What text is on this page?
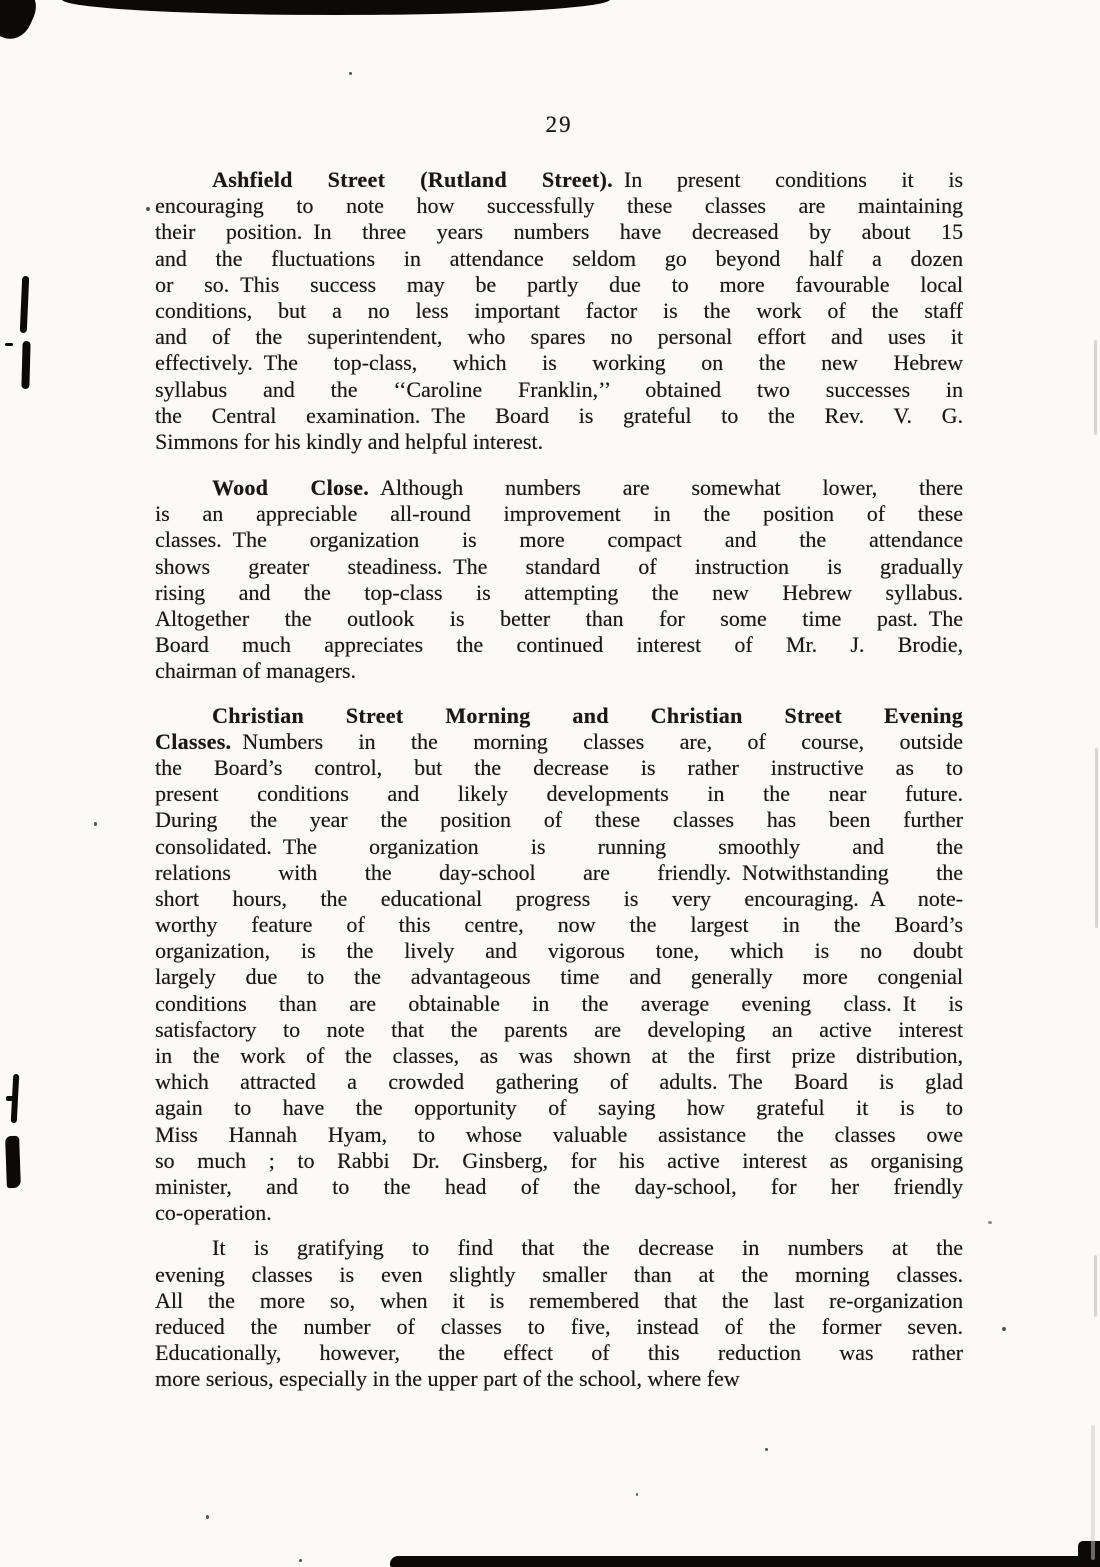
29
Ashfield Street (Rutland Street). In present conditions it is
encouraging to note how successfully these classes are maintaining
their position. In three years numbers have decreased by about 15
and the fluctuations in attendance seldom go beyond half a dozen
or so. This success may be partly due to more favourable local
conditions, but a no less important factor is the work of the staff
and of the superintendent, who spares no personal effort and uses it
effectively. The top-class, which is working on the new Hebrew
syllabus and the ‘‘Caroline Franklin,’’ obtained two successes in
the Central examination. The Board is grateful to the Rev. V. G.
Simmons for his kindly and helpful interest.
Wood Close. Although numbers are somewhat lower, there
is an appreciable all-round improvement in the position of these
classes. The organization is more compact and the attendance
shows greater steadiness. The standard of instruction is gradually
rising and the top-class is attempting the new Hebrew syllabus.
Altogether the outlook is better than for some time past. The
Board much appreciates the continued interest of Mr. J. Brodie,
chairman of managers.
Christian Street Morning and Christian Street Evening
Classes. Numbers in the morning classes are, of course, outside
the Board’s control, but the decrease is rather instructive as to
present conditions and likely developments in the near future.
During the year the position of these classes has been further
consolidated. The organization is running smoothly and the
relations with the day-school are friendly. Notwithstanding the
short hours, the educational progress is very encouraging. A note-
worthy feature of this centre, now the largest in the Board’s
organization, is the lively and vigorous tone, which is no doubt
largely due to the advantageous time and generally more congenial
conditions than are obtainable in the average evening class. It is
satisfactory to note that the parents are developing an active interest
in the work of the classes, as was shown at the first prize distribution,
which attracted a crowded gathering of adults. The Board is glad
again to have the opportunity of saying how grateful it is to
Miss Hannah Hyam, to whose valuable assistance the classes owe
so much ; to Rabbi Dr. Ginsberg, for his active interest as organising
minister, and to the head of the day-school, for her friendly
co-operation.
It is gratifying to find that the decrease in numbers at the
evening classes is even slightly smaller than at the morning classes.
All the more so, when it is remembered that the last re-organization
reduced the number of classes to five, instead of the former seven.
Educationally, however, the effect of this reduction was rather
more serious, especially in the upper part of the school, where few
